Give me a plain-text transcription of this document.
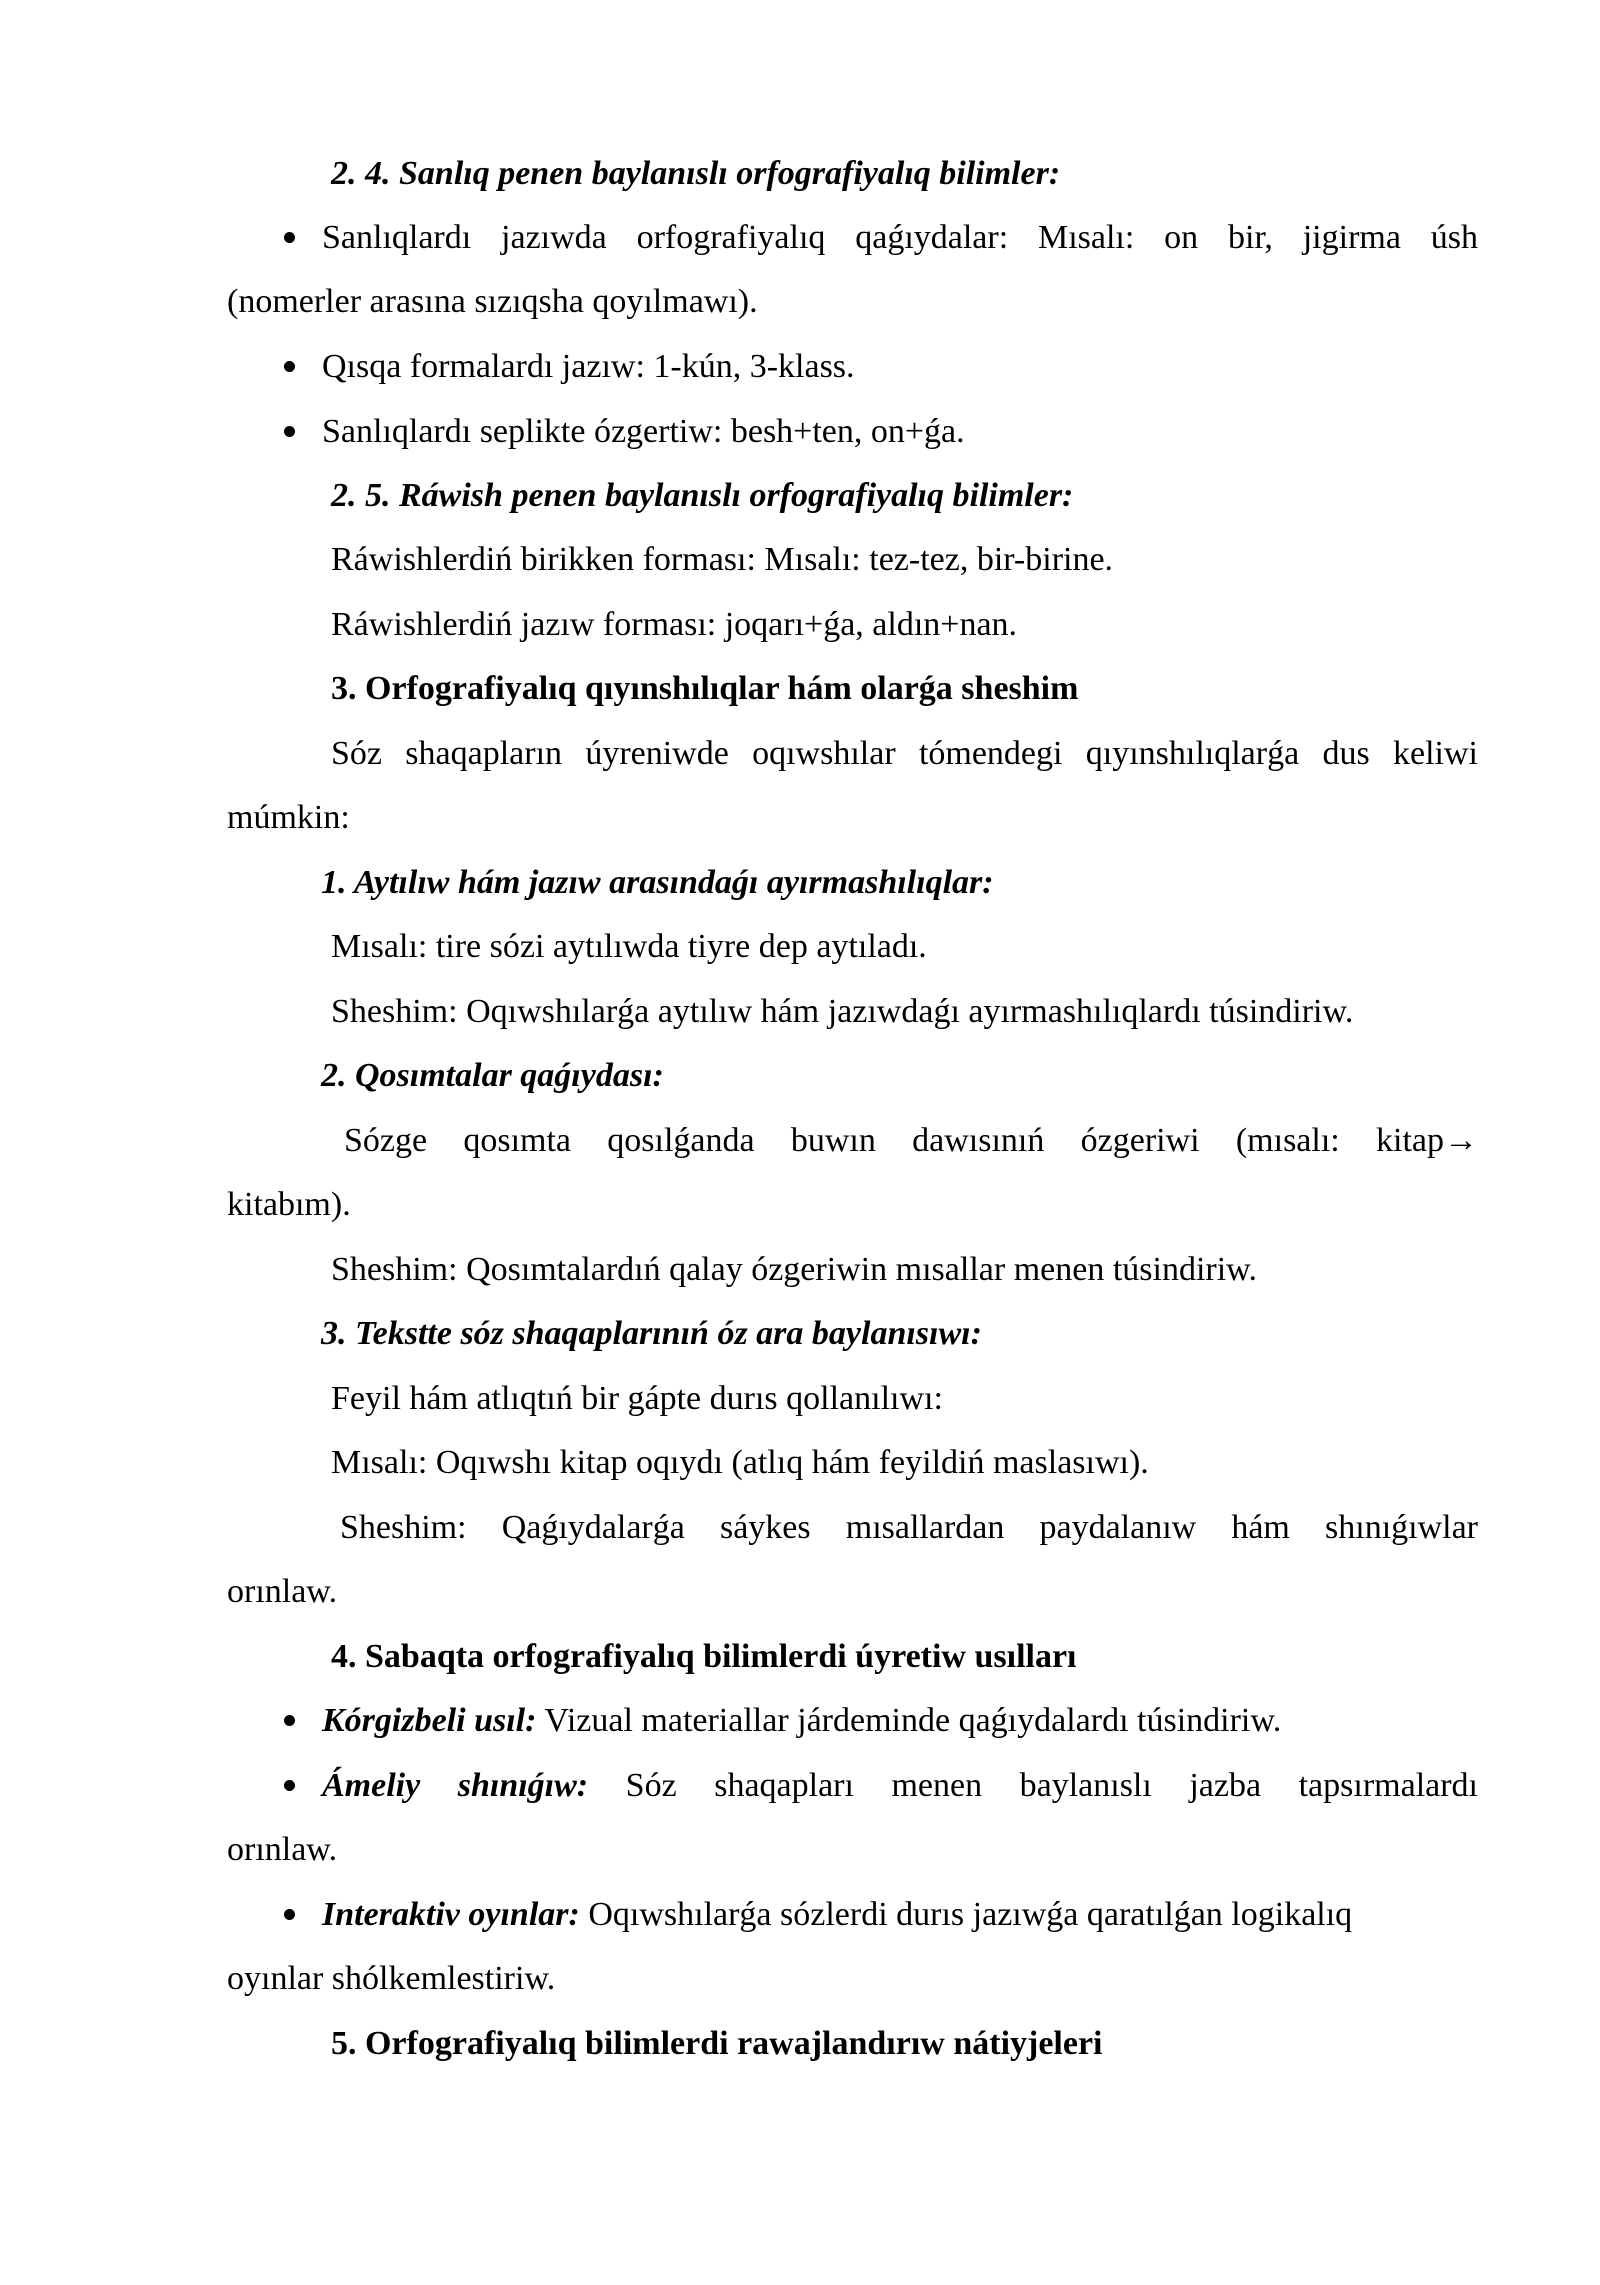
2. 4. Sanlıq penen baylanıslı orfografiyalıq bilimler:
Sanlıqlardı jazıwda orfografiyalıq qaǵıydalar: Mısalı: on bir, jigirma úsh
(nomerler arasına sızıqsha qoyılmawı).
Qısqa formalardı jazıw: 1-kún, 3-klass.
Sanlıqlardı seplikte ózgertiw: besh+ten, on+ǵa.
2. 5. Ráwish penen baylanıslı orfografiyalıq bilimler:
Ráwishlerdiń birikken forması: Mısalı: tez-tez, bir-birine.
Ráwishlerdiń jazıw forması: joqarı+ǵa, aldın+nan.
3. Orfografiyalıq qıyınshılıqlar hám olarǵa sheshim
Sóz shaqapların úyreniwde oqıwshılar tómendegi qıyınshılıqlarǵa dus keliwi
múmkin:
1. Aytılıw hám jazıw arasındaǵı ayırmashılıqlar:
Mısalı: tire sózi aytılıwda tiyre dep aytıladı.
Sheshim: Oqıwshılarǵa aytılıw hám jazıwdaǵı ayırmashılıqlardı túsindiriw.
2. Qosımtalar qaǵıydası:
Sózge qosımta qosılǵanda buwın dawısınıń ózgeriwi (mısalı: kitap→
kitabım).
Sheshim: Qosımtalardıń qalay ózgeriwin mısallar menen túsindiriw.
3. Tekstte sóz shaqaplarınıń óz ara baylanısıwı:
Feyil hám atlıqtıń bir gápte durıs qollanılıwı:
Mısalı: Oqıwshı kitap oqıydı (atlıq hám feyildiń maslasıwı).
Sheshim: Qaǵıydalarǵa sáykes mısallardan paydalanıw hám shınıǵıwlar
orınlaw.
4. Sabaqta orfografiyalıq bilimlerdi úyretiw usılları
Kórgizbeli usıl: Vizual materiallar járdeminde qaǵıydalardı túsindiriw.
Ámeliy shınıǵıw: Sóz shaqapları menen baylanıslı jazba tapsırmalardı
orınlaw.
Interaktiv oyınlar: Oqıwshılarǵa sózlerdi durıs jazıwǵa qaratılǵan logikalıq
oyınlar shólkemlestiriw.
5. Orfografiyalıq bilimlerdi rawajlandırıw nátiyjeleri
